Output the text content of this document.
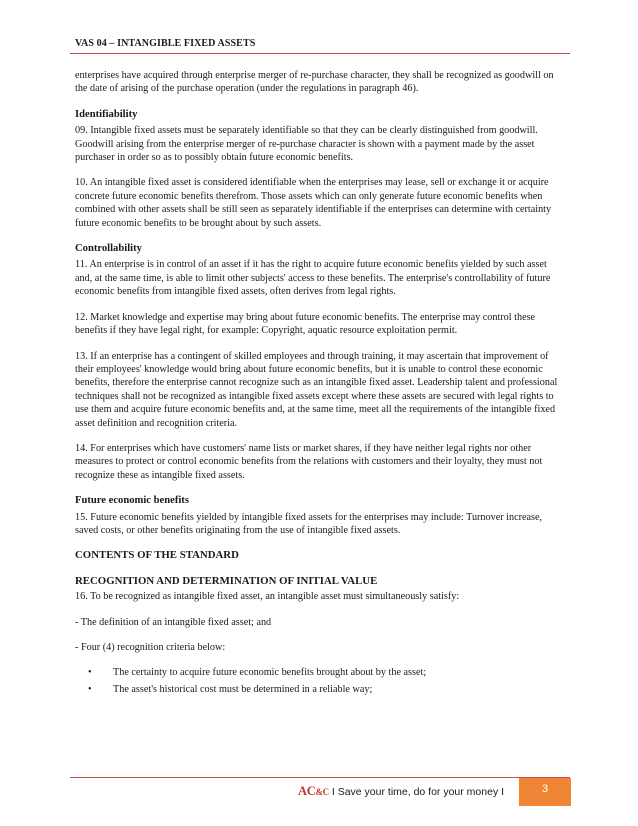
VAS 04 – INTANGIBLE FIXED ASSETS

enterprises have acquired through enterprise merger of re-purchase character, they shall be recognized as goodwill on the date of arising of the purchase operation (under the regulations in paragraph 46).

Identifiability

09. Intangible fixed assets must be separately identifiable so that they can be clearly distinguished from goodwill. Goodwill arising from the enterprise merger of re-purchase character is shown with a payment made by the asset purchaser in order so as to possibly obtain future economic benefits.

10. An intangible fixed asset is considered identifiable when the enterprises may lease, sell or exchange it or acquire concrete future economic benefits therefrom. Those assets which can only generate future economic benefits when combined with other assets shall be still seen as separately identifiable if the enterprises can determine with certainty future economic benefits to be brought about by such assets.

Controllability

11. An enterprise is in control of an asset if it has the right to acquire future economic benefits yielded by such asset and, at the same time, is able to limit other subjects' access to these benefits. The enterprise's controllability of future economic benefits from intangible fixed assets, often derives from legal rights.

12. Market knowledge and expertise may bring about future economic benefits. The enterprise may control these benefits if they have legal right, for example: Copyright, aquatic resource exploitation permit.

13. If an enterprise has a contingent of skilled employees and through training, it may ascertain that improvement of their employees' knowledge would bring about future economic benefits, but it is unable to control these economic benefits, therefore the enterprise cannot recognize such as an intangible fixed asset. Leadership talent and professional techniques shall not be recognized as intangible fixed assets except where these assets are secured with legal rights to use them and acquire future economic benefits and, at the same time, meet all the requirements of the intangible fixed asset definition and recognition criteria.

14. For enterprises which have customers' name lists or market shares, if they have neither legal rights nor other measures to protect or control economic benefits from the relations with customers and their loyalty, they must not recognize these as intangible fixed assets.

Future economic benefits

15. Future economic benefits yielded by intangible fixed assets for the enterprises may include: Turnover increase, saved costs, or other benefits originating from the use of intangible fixed assets.

CONTENTS OF THE STANDARD
RECOGNITION AND DETERMINATION OF INITIAL VALUE

16. To be recognized as intangible fixed asset, an intangible asset must simultaneously satisfy:

- The definition of an intangible fixed asset; and

- Four (4) recognition criteria below:

• The certainty to acquire future economic benefits brought about by the asset;
• The asset's historical cost must be determined in a reliable way;
AC&C I Save your time, do for your money I	3
